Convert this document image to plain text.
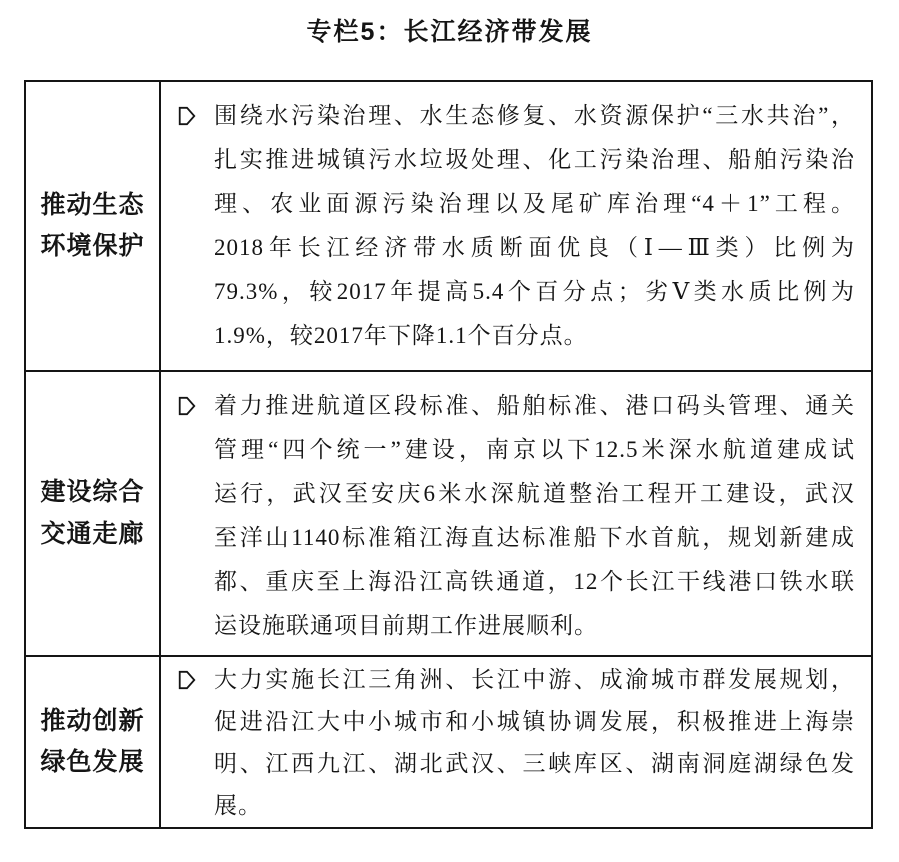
专栏5：长江经济带发展
推动生态
环境保护
围绕水污染治理、水生态修复、水资源保护“三水共治”，
扎实推进城镇污水垃圾处理、化工污染治理、船舶污染治
理、农业面源污染治理以及尾矿库治理“4＋1”工程。
2018年长江经济带水质断面优良（Ⅰ—Ⅲ类）比例为
79.3%，较2017年提高5.4个百分点；劣Ⅴ类水质比例为
1.9%，较2017年下降1.1个百分点。
建设综合
交通走廊
着力推进航道区段标准、船舶标准、港口码头管理、通关
管理“四个统一”建设，南京以下12.5米深水航道建成试
运行，武汉至安庆6米水深航道整治工程开工建设，武汉
至洋山1140标准箱江海直达标准船下水首航，规划新建成
都、重庆至上海沿江高铁通道，12个长江干线港口铁水联
运设施联通项目前期工作进展顺利。
推动创新
绿色发展
大力实施长江三角洲、长江中游、成渝城市群发展规划，
促进沿江大中小城市和小城镇协调发展，积极推进上海崇
明、江西九江、湖北武汉、三峡库区、湖南洞庭湖绿色发
展。
